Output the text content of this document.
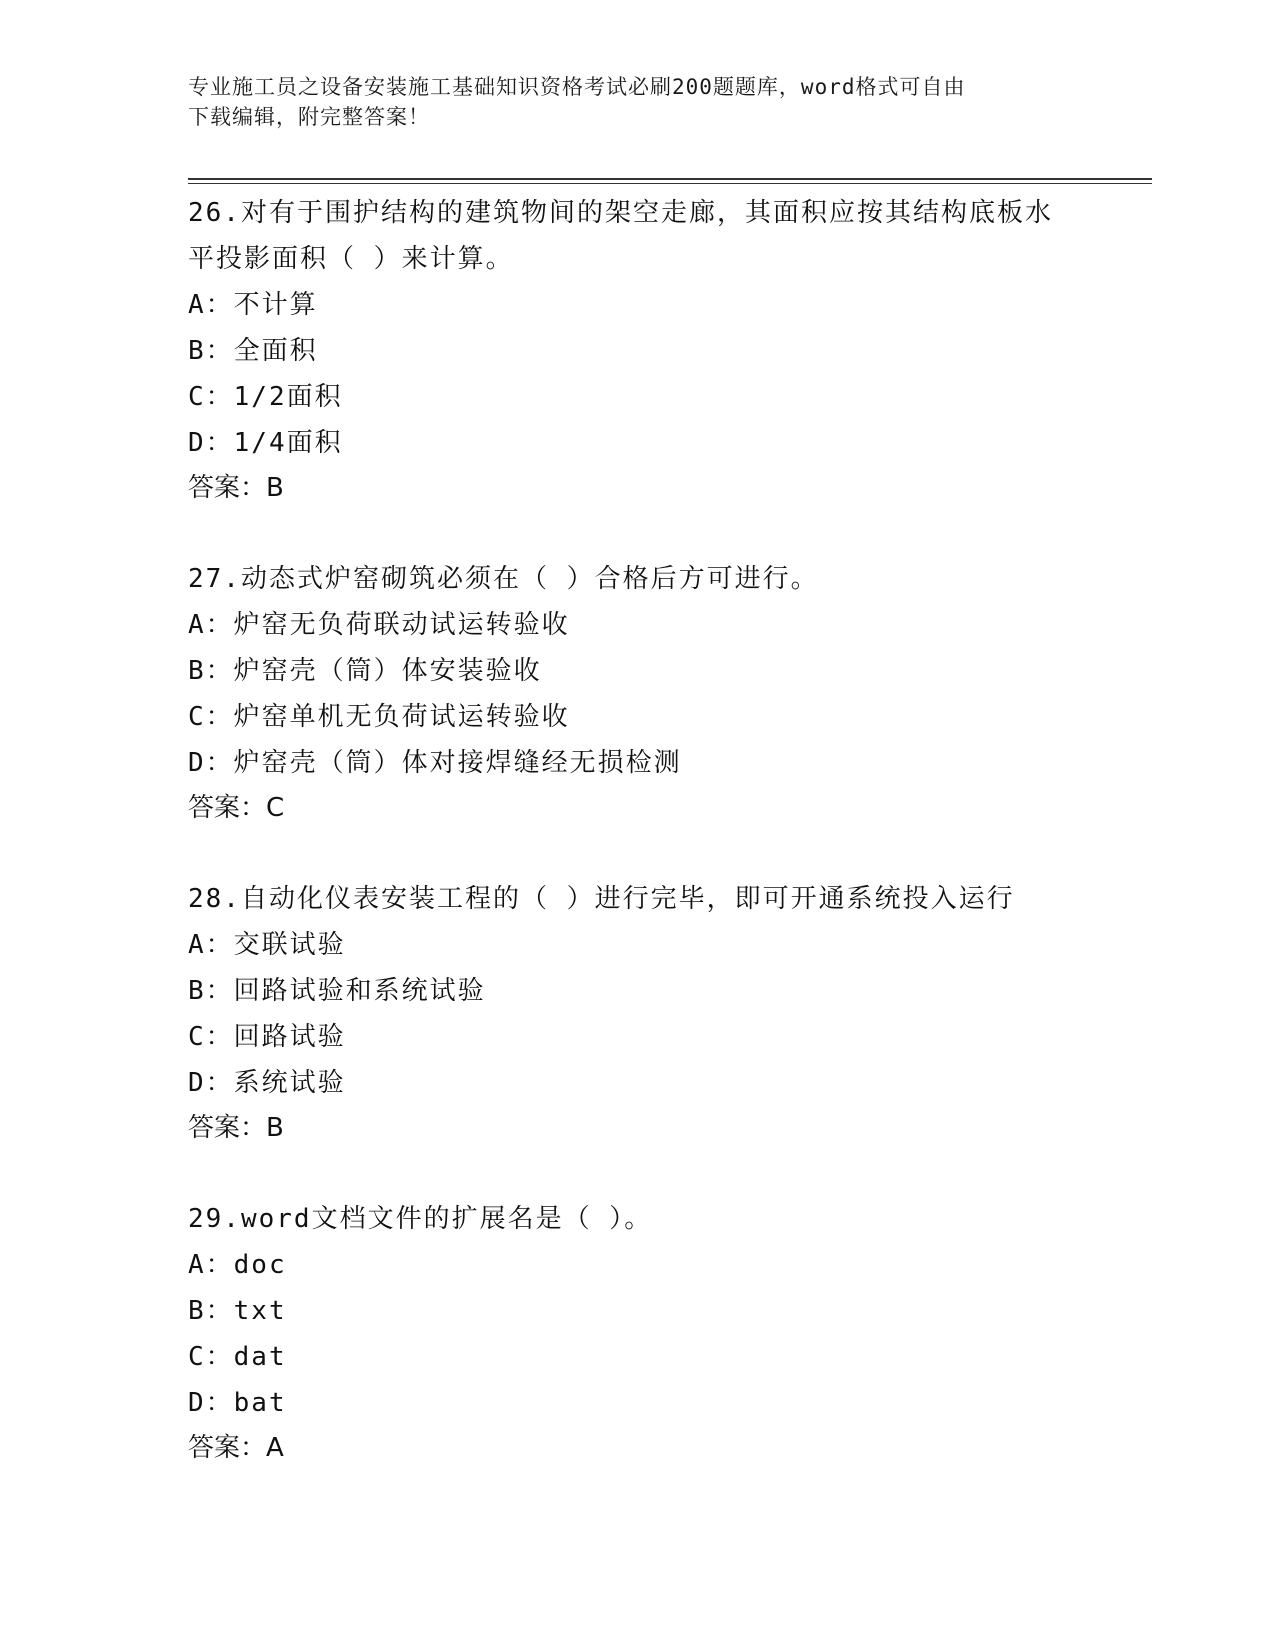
专业施工员之设备安装施工基础知识资格考试必刷200题题库，word格式可自由
下载编辑，附完整答案！

26.对有于围护结构的建筑物间的架空走廊，其面积应按其结构底板水平投影面积（ ）来计算。

A：不计算

B：全面积

C：1/2面积

D：1/4面积

答案：B

27.动态式炉窑砌筑必须在（ ）合格后方可进行。

A：炉窑无负荷联动试运转验收

B：炉窑壳（筒）体安装验收

C：炉窑单机无负荷试运转验收

D：炉窑壳（筒）体对接焊缝经无损检测

答案：C

28.自动化仪表安装工程的（ ）进行完毕，即可开通系统投入运行

A：交联试验

B：回路试验和系统试验

C：回路试验

D：系统试验

答案：B

29.word文档文件的扩展名是（ ）。

A：doc

B：txt

C：dat

D：bat

答案：A
